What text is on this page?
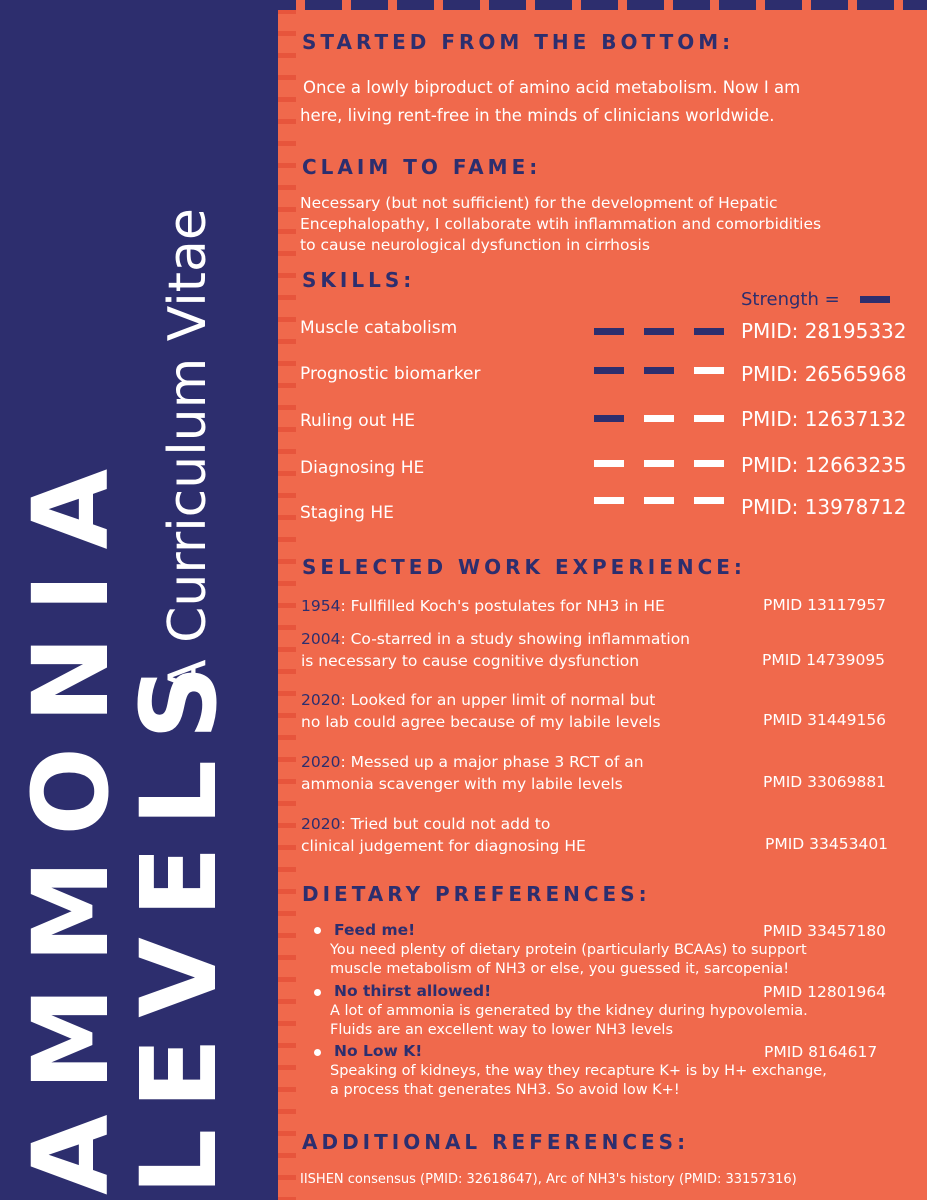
AMMONIA
LEVELS
A Curriculum Vitae
STARTED FROM THE BOTTOM:
Once a lowly biproduct of amino acid metabolism. Now I am
here, living rent-free in the minds of clinicians worldwide.
CLAIM TO FAME:
Necessary (but not sufficient) for the development of Hepatic
Encephalopathy, I collaborate wtih inflammation and comorbidities
to cause neurological dysfunction in cirrhosis
SKILLS:
Strength =
Muscle catabolism	PMID: 28195332
Prognostic biomarker	PMID: 26565968
Ruling out HE	PMID: 12637132
Diagnosing HE	PMID: 12663235
Staging HE	PMID: 13978712
SELECTED WORK EXPERIENCE:
1954: Fullfilled Koch's postulates for NH3 in HE	PMID 13117957
2004: Co-starred in a study showing inflammation
is necessary to cause cognitive dysfunction	PMID 14739095
2020: Looked for an upper limit of normal but
no lab could agree because of my labile levels	PMID 31449156
2020: Messed up a major phase 3 RCT of an
ammonia scavenger with my labile levels	PMID 33069881
2020: Tried but could not add to
clinical judgement for diagnosing HE	PMID 33453401
DIETARY PREFERENCES:
Feed me!	PMID 33457180
You need plenty of dietary protein (particularly BCAAs) to support
muscle metabolism of NH3 or else, you guessed it, sarcopenia!
No thirst allowed!	PMID 12801964
A lot of ammonia is generated by the kidney during hypovolemia.
Fluids are an excellent way to lower NH3 levels
No Low K!	PMID 8164617
Speaking of kidneys, the way they recapture K+ is by H+ exchange,
a process that generates NH3. So avoid low K+!
ADDITIONAL REFERENCES:
IISHEN consensus (PMID: 32618647), Arc of NH3's history (PMID: 33157316)
